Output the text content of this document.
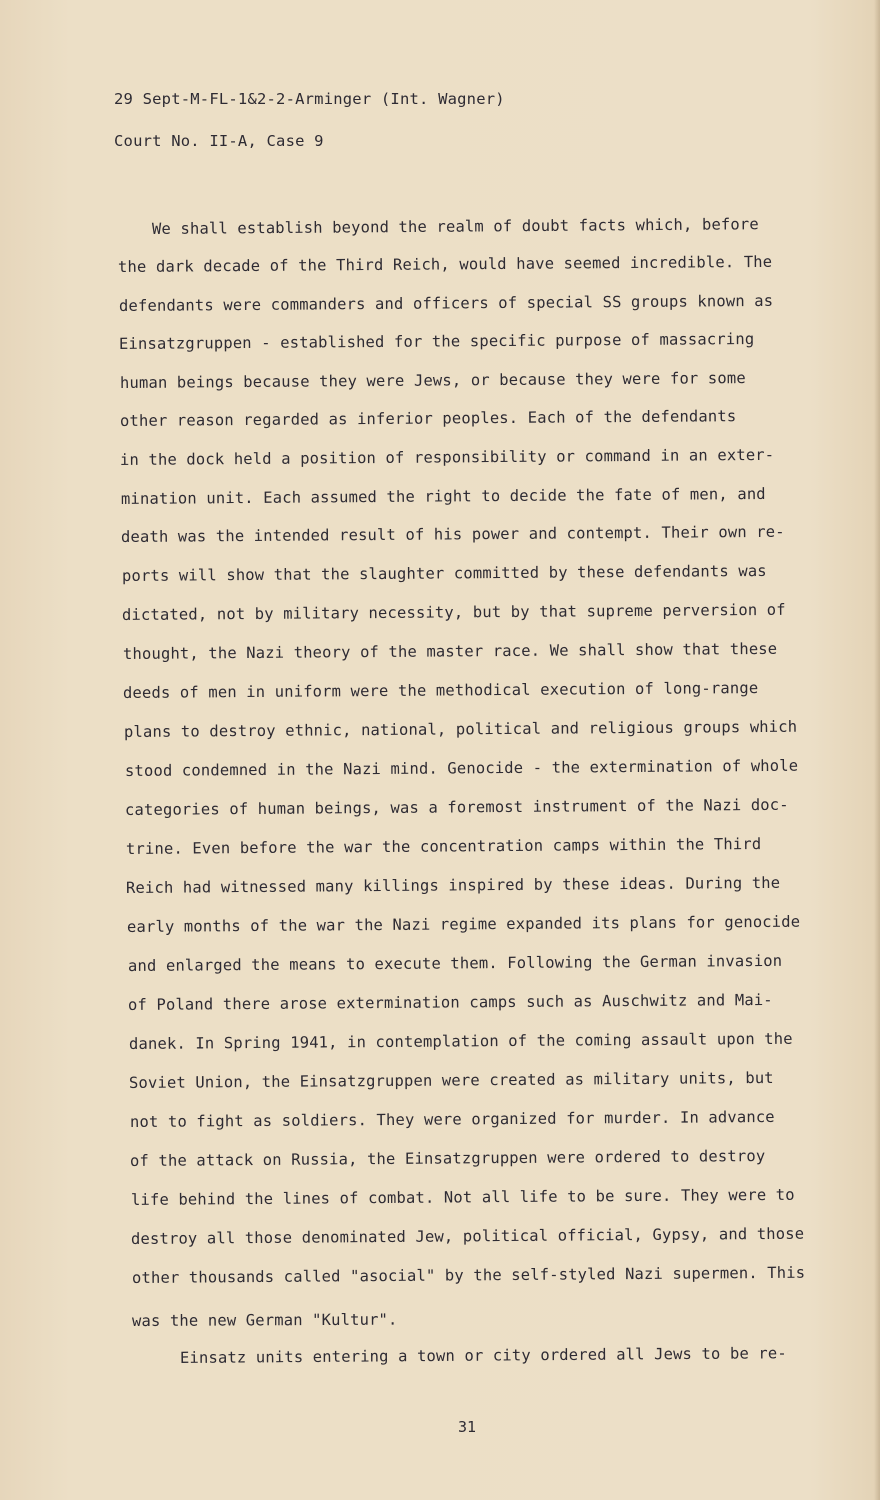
29 Sept-M-FL-1&2-2-Arminger (Int. Wagner)
Court No. II-A, Case 9
We shall establish beyond the realm of doubt facts which, before
the dark decade of the Third Reich, would have seemed incredible. The
defendants were commanders and officers of special SS groups known as
Einsatzgruppen - established for the specific purpose of massacring
human beings because they were Jews, or because they were for some
other reason regarded as inferior peoples. Each of the defendants
in the dock held a position of responsibility or command in an exter-
mination unit. Each assumed the right to decide the fate of men, and
death was the intended result of his power and contempt. Their own re-
ports will show that the slaughter committed by these defendants was
dictated, not by military necessity, but by that supreme perversion of
thought, the Nazi theory of the master race. We shall show that these
deeds of men in uniform were the methodical execution of long-range
plans to destroy ethnic, national, political and religious groups which
stood condemned in the Nazi mind. Genocide - the extermination of whole
categories of human beings, was a foremost instrument of the Nazi doc-
trine. Even before the war the concentration camps within the Third
Reich had witnessed many killings inspired by these ideas. During the
early months of the war the Nazi regime expanded its plans for genocide
and enlarged the means to execute them. Following the German invasion
of Poland there arose extermination camps such as Auschwitz and Mai-
danek. In Spring 1941, in contemplation of the coming assault upon the
Soviet Union, the Einsatzgruppen were created as military units, but
not to fight as soldiers. They were organized for murder. In advance
of the attack on Russia, the Einsatzgruppen were ordered to destroy
life behind the lines of combat. Not all life to be sure. They were to
destroy all those denominated Jew, political official, Gypsy, and those
other thousands called "asocial" by the self-styled Nazi supermen. This
was the new German "Kultur".
Einsatz units entering a town or city ordered all Jews to be re-
31
